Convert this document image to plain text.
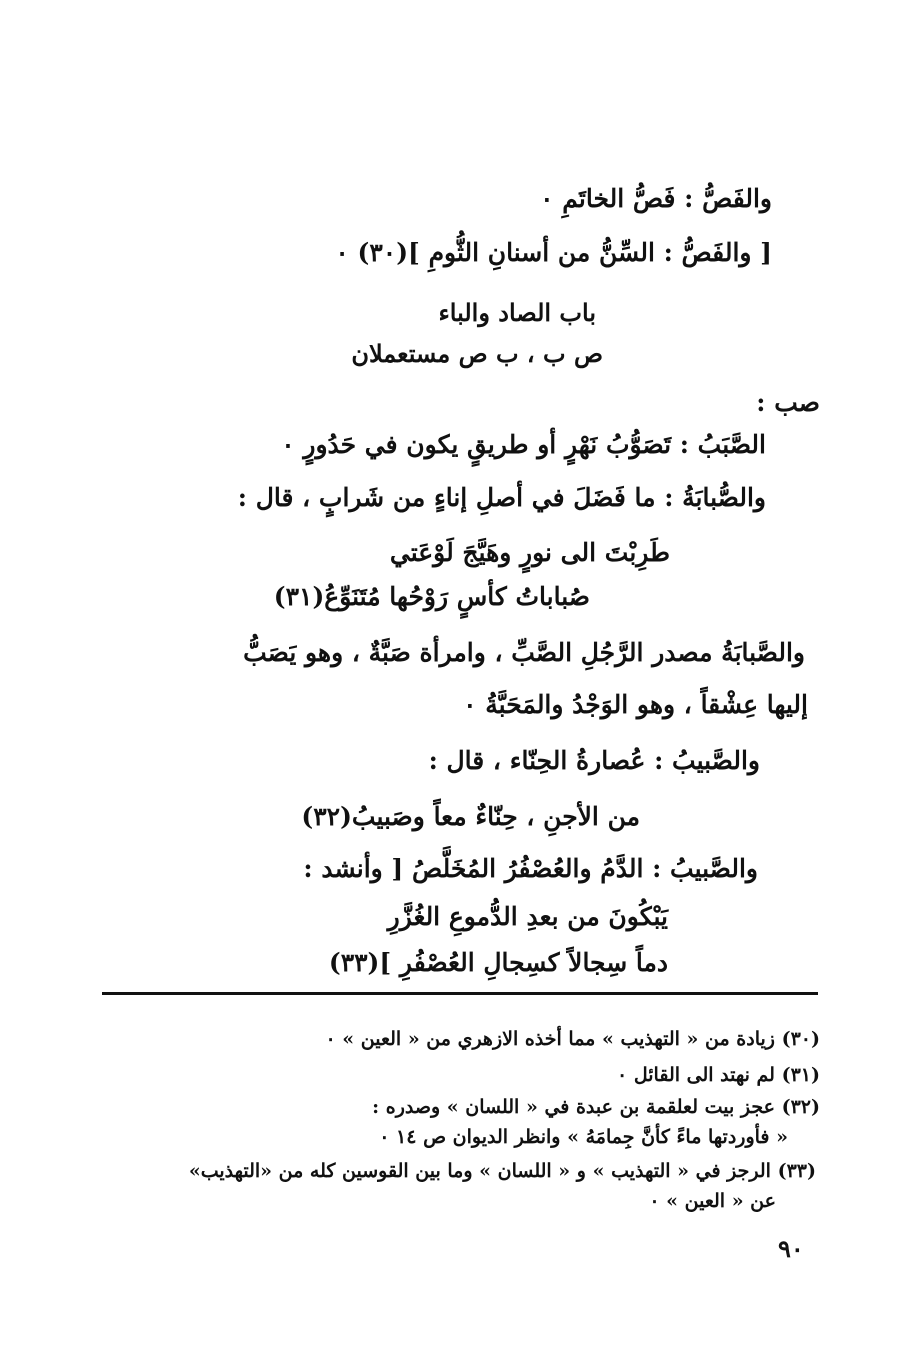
والفَصُّ : فَصُّ الخاتَمِ ٠
[ والفَصُّ : السِّنُّ من أسنانِ الثُّومِ ](٣٠) ٠
باب الصاد والباء
ص ب ، ب ص مستعملان
صب :
الصَّبَبُ : تَصَوُّبُ نَهْرٍ أو طريقٍ يكون في حَدُورٍ ٠
والصُّبابَةُ : ما فَضَلَ في أصلِ إناءٍ من شَرابٍ ، قال :
طَرِبْتَ الى نورٍ وهَيَّجَ لَوْعَتي
صُباباتُ كأسٍ رَوْحُها مُتَنَوِّعُ(٣١)
والصَّبابَةُ مصدر الرَّجُلِ الصَّبِّ ، وامرأة صَبَّةٌ ، وهو يَصَبُّ
إليها عِشْقاً ، وهو الوَجْدُ والمَحَبَّةُ ٠
والصَّبيبُ : عُصارةُ الحِنّاء ، قال :
من الأجنِ ، حِنّاءٌ معاً وصَبيبُ(٣٢)
والصَّبيبُ : الدَّمُ والعُصْفُرُ المُخَلَّصُ [ وأنشد :
يَبْكُونَ من بعدِ الدُّموعِ الغُزَّرِ
دماً سِجالاً كسِجالِ العُصْفُرِ ](٣٣)
(٣٠) زيادة من « التهذيب » مما أخذه الازهري من « العين » ٠
(٣١) لم نهتد الى القائل ٠
(٣٢) عجز بيت لعلقمة بن عبدة في « اللسان » وصدره :
« فأوردتها ماءً كأنَّ جِمامَهُ » وانظر الديوان ص ١٤ ٠
(٣٣) الرجز في « التهذيب » و « اللسان » وما بين القوسين كله من «التهذيب»
عن « العين » ٠
٩٠
